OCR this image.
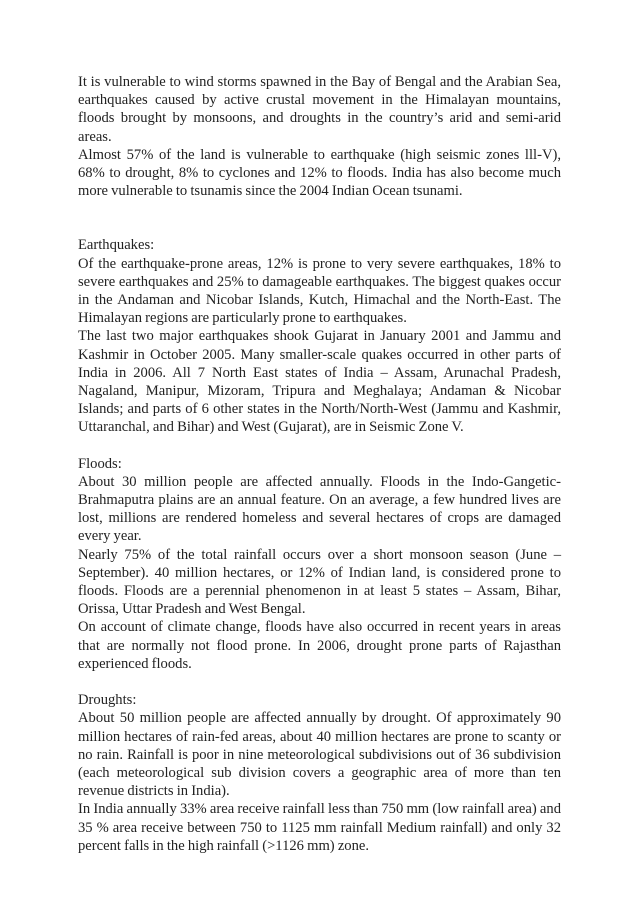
It is vulnerable to wind storms spawned in the Bay of Bengal and the Arabian Sea, earthquakes caused by active crustal movement in the Himalayan mountains, floods brought by monsoons, and droughts in the country’s arid and semi-arid areas.

Almost 57% of the land is vulnerable to earthquake (high seismic zones lll-V), 68% to drought, 8% to cyclones and 12% to floods. India has also become much more vulnerable to tsunamis since the 2004 Indian Ocean tsunami.

Earthquakes:

Of the earthquake-prone areas, 12% is prone to very severe earthquakes, 18% to severe earthquakes and 25% to damageable earthquakes. The biggest quakes occur in the Andaman and Nicobar Islands, Kutch, Himachal and the North-East. The Himalayan regions are particularly prone to earthquakes.

The last two major earthquakes shook Gujarat in January 2001 and Jammu and Kashmir in October 2005. Many smaller-scale quakes occurred in other parts of India in 2006. All 7 North East states of India – Assam, Arunachal Pradesh, Nagaland, Manipur, Mizoram, Tripura and Meghalaya; Andaman & Nicobar Islands; and parts of 6 other states in the North/North-West (Jammu and Kashmir, Uttaranchal, and Bihar) and West (Gujarat), are in Seismic Zone V.

Floods:

About 30 million people are affected annually. Floods in the Indo-Gangetic-Brahmaputra plains are an annual feature. On an average, a few hundred lives are lost, millions are rendered homeless and several hectares of crops are damaged every year.

Nearly 75% of the total rainfall occurs over a short monsoon season (June – September). 40 million hectares, or 12% of Indian land, is considered prone to floods. Floods are a perennial phenomenon in at least 5 states – Assam, Bihar, Orissa, Uttar Pradesh and West Bengal.

On account of climate change, floods have also occurred in recent years in areas that are normally not flood prone. In 2006, drought prone parts of Rajasthan experienced floods.

Droughts:

About 50 million people are affected annually by drought. Of approximately 90 million hectares of rain-fed areas, about 40 million hectares are prone to scanty or no rain. Rainfall is poor in nine meteorological subdivisions out of 36 subdivision (each meteorological sub division covers a geographic area of more than ten revenue districts in India).

In India annually 33% area receive rainfall less than 750 mm (low rainfall area) and 35 % area receive between 750 to 1125 mm rainfall Medium rainfall) and only 32 percent falls in the high rainfall (>1126 mm) zone.
